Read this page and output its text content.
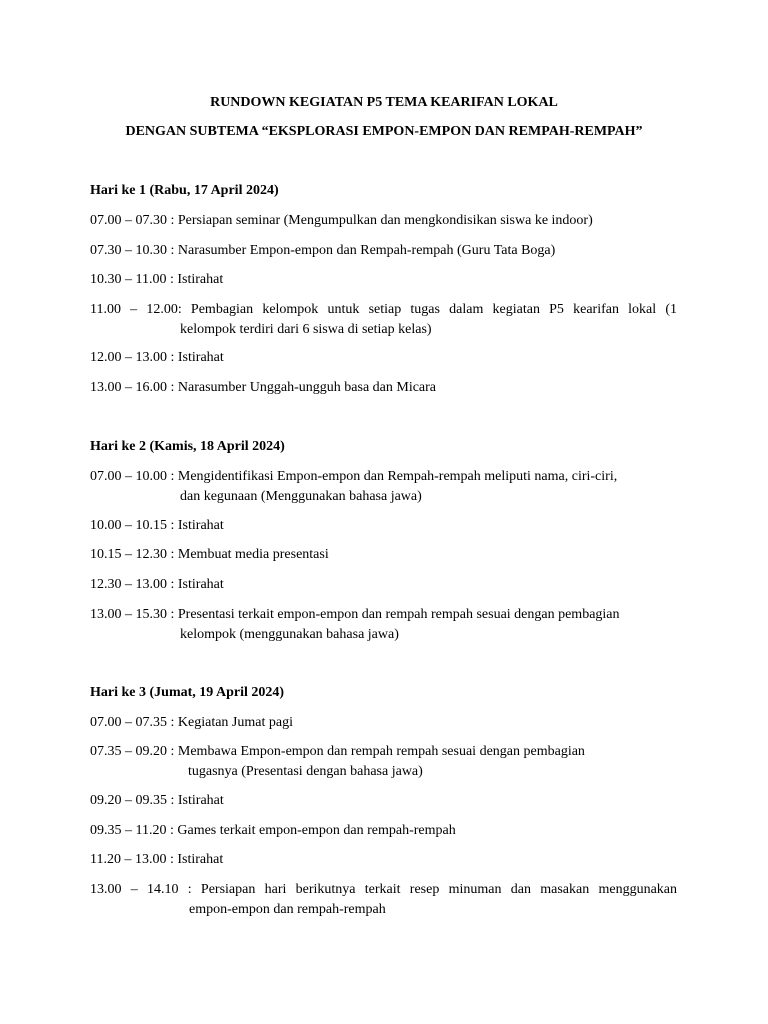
RUNDOWN KEGIATAN P5 TEMA KEARIFAN LOKAL
DENGAN SUBTEMA “EKSPLORASI EMPON-EMPON DAN REMPAH-REMPAH”
Hari ke 1 (Rabu, 17 April 2024)
07.00 – 07.30 : Persiapan seminar (Mengumpulkan dan mengkondisikan siswa ke indoor)
07.30 – 10.30 : Narasumber Empon-empon dan Rempah-rempah (Guru Tata Boga)
10.30 – 11.00 : Istirahat
11.00 – 12.00: Pembagian kelompok untuk setiap tugas dalam kegiatan P5 kearifan lokal (1
kelompok terdiri dari 6 siswa di setiap kelas)
12.00 – 13.00 : Istirahat
13.00 – 16.00 : Narasumber Unggah-ungguh basa dan Micara
Hari ke 2 (Kamis, 18 April 2024)
07.00 – 10.00 : Mengidentifikasi Empon-empon dan Rempah-rempah meliputi nama, ciri-ciri,
dan kegunaan (Menggunakan bahasa jawa)
10.00 – 10.15 : Istirahat
10.15 – 12.30 : Membuat media presentasi
12.30 – 13.00 : Istirahat
13.00 – 15.30 : Presentasi terkait empon-empon dan rempah rempah sesuai dengan pembagian
kelompok (menggunakan bahasa jawa)
Hari ke 3 (Jumat, 19 April 2024)
07.00 – 07.35 : Kegiatan Jumat pagi
07.35 – 09.20 : Membawa Empon-empon dan rempah rempah sesuai dengan pembagian
tugasnya (Presentasi dengan bahasa jawa)
09.20 – 09.35 : Istirahat
09.35 – 11.20 : Games terkait empon-empon dan rempah-rempah
11.20 – 13.00 : Istirahat
13.00 – 14.10 : Persiapan hari berikutnya terkait resep minuman dan masakan menggunakan
empon-empon dan rempah-rempah
